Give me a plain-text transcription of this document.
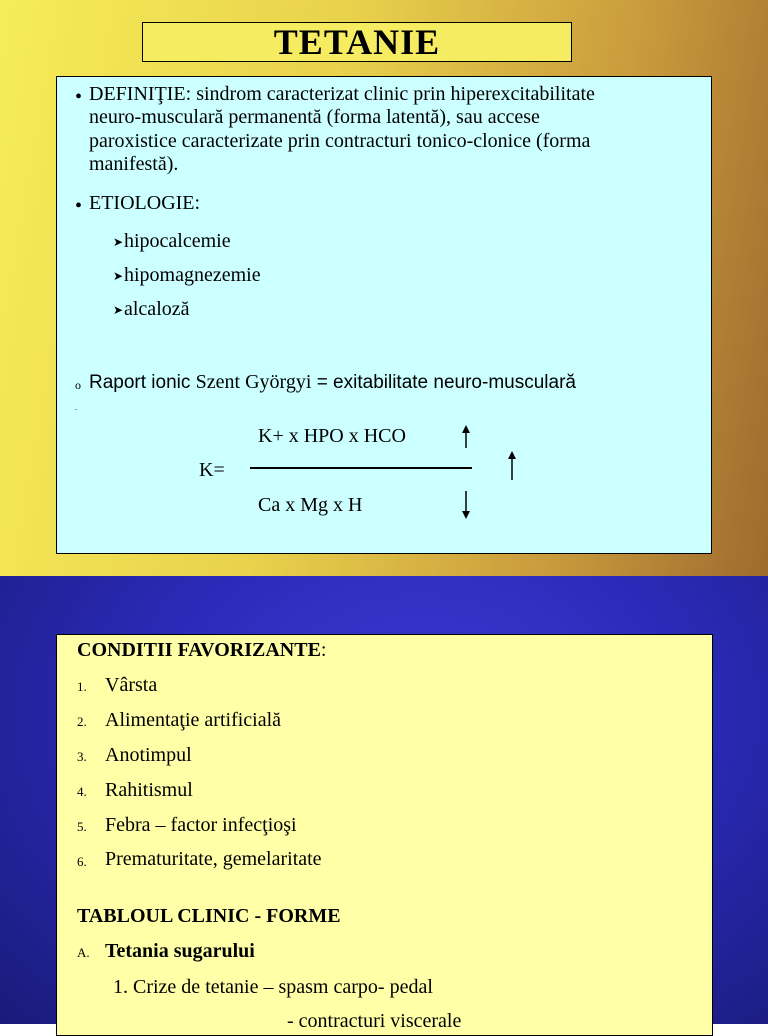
TETANIE
• DEFINIŢIE: sindrom caracterizat clinic prin hiperexcitabilitate
neuro-musculară permanentă (forma latentă), sau accese
paroxistice caracterizate prin contracturi tonico-clonice (forma
manifestă).
• ETIOLOGIE:
➤ hipocalcemie
➤ hipomagnezemie
➤ alcaloză
o Raport ionic Szent Györgyi = exitabilitate neuro-musculară
.
K=
K+ x HPO x HCO
Ca x Mg x H
CONDITII FAVORIZANTE:
1. Vârsta
2. Alimentaţie artificială
3. Anotimpul
4. Rahitismul
5. Febra – factor infecţioşi
6. Prematuritate, gemelaritate
TABLOUL CLINIC - FORME
A. Tetania sugarului
1. Crize de tetanie – spasm carpo- pedal
- contracturi viscerale
